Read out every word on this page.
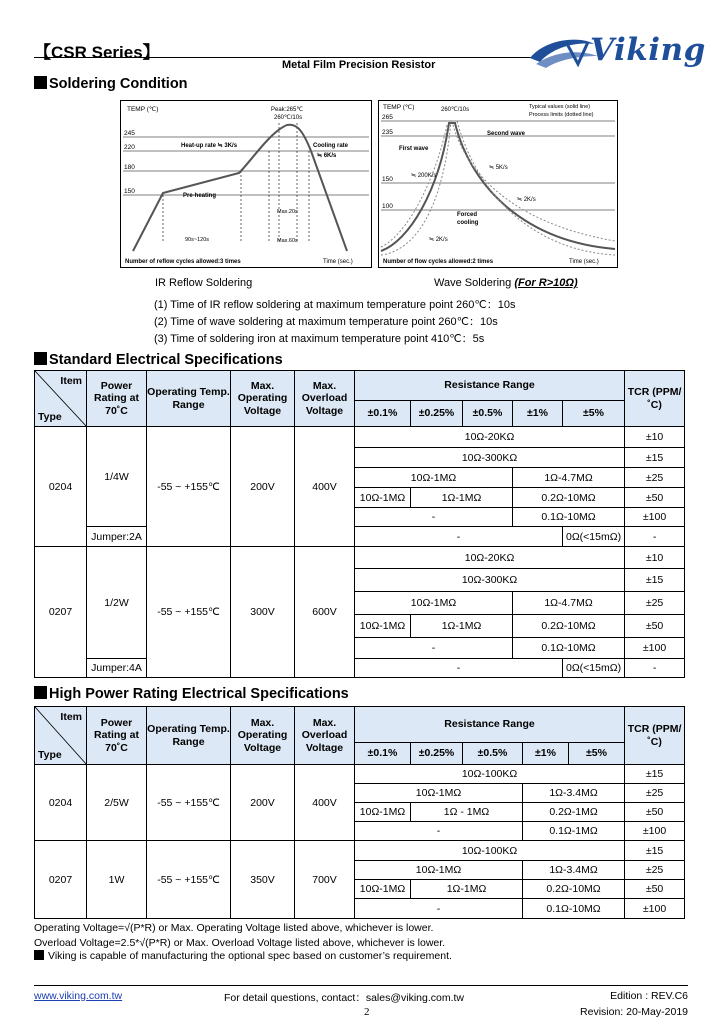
【CSR Series】
Metal Film Precision Resistor	Viking
Soldering Condition
TEMP (℃)
245
220
180
150
Peak:265℃
260℃/10s
Heat-up rate ≒ 3K/s	Cooling rate
≒ 6K/s
Pre-heating
Max.20s
90s~120s	Max.60s
Number of reflow cycles allowed:3 times	Time (sec.)
TEMP (℃)
265
235
150
100
260℃/10s	Typical values (solid line)
Process limits (dotted line)
Second wave
First wave
≒ 200K/s
≒ 5K/s
≒ 2K/s
Forced
cooling
≒ 2K/s
Number of flow cycles allowed:2 times	Time (sec.)
IR Reflow Soldering	Wave Soldering (For R>10Ω)
(1) Time of IR reflow soldering at maximum temperature point 260℃：10s
(2) Time of wave soldering at maximum temperature point 260℃：10s
(3) Time of soldering iron at maximum temperature point 410℃：5s
Standard Electrical Specifications
Item
Type	Power Rating at 70˚C	Operating Temp. Range	Max. Operating Voltage	Max. Overload Voltage	Resistance Range					TCR (PPM/˚C)
					±0.1%	±0.25%	±0.5%	±1%	±5%	
0204	1/4W	-55 ~ +155℃	200V	400V	10Ω-20KΩ					±10
					10Ω-300KΩ					±15
					10Ω-1MΩ			1Ω-4.7MΩ		±25
					10Ω-1MΩ	1Ω-1MΩ		0.2Ω-10MΩ		±50
					-			0.1Ω-10MΩ		±100
	Jumper:2A				-				0Ω(<15mΩ)	-
0207	1/2W	-55 ~ +155℃	300V	600V	10Ω-20KΩ					±10
					10Ω-300KΩ					±15
					10Ω-1MΩ			1Ω-4.7MΩ		±25
					10Ω-1MΩ	1Ω-1MΩ		0.2Ω-10MΩ		±50
					-			0.1Ω-10MΩ		±100
	Jumper:4A				-				0Ω(<15mΩ)	-
High Power Rating Electrical Specifications
Item
Type	Power Rating at 70˚C	Operating Temp. Range	Max. Operating Voltage	Max. Overload Voltage	Resistance Range					TCR (PPM/˚C)
					±0.1%	±0.25%	±0.5%	±1%	±5%	
0204	2/5W	-55 ~ +155℃	200V	400V	10Ω-100KΩ					±15
					10Ω-1MΩ			1Ω-3.4MΩ		±25
					10Ω-1MΩ	1Ω - 1MΩ		0.2Ω-1MΩ		±50
					-			0.1Ω-1MΩ		±100
0207	1W	-55 ~ +155℃	350V	700V	10Ω-100KΩ					±15
					10Ω-1MΩ			1Ω-3.4MΩ		±25
					10Ω-1MΩ	1Ω-1MΩ		0.2Ω-10MΩ		±50
					-			0.1Ω-10MΩ		±100
Operating Voltage=√(P*R) or Max. Operating Voltage listed above, whichever is lower.
Overload Voltage=2.5*√(P*R) or Max. Overload Voltage listed above, whichever is lower.
Viking is capable of manufacturing the optional spec based on customer’s requirement.
www.viking.com.tw	For detail questions, contact：sales@viking.com.tw	Edition : REV.C6
2	Revision: 20-May-2019
